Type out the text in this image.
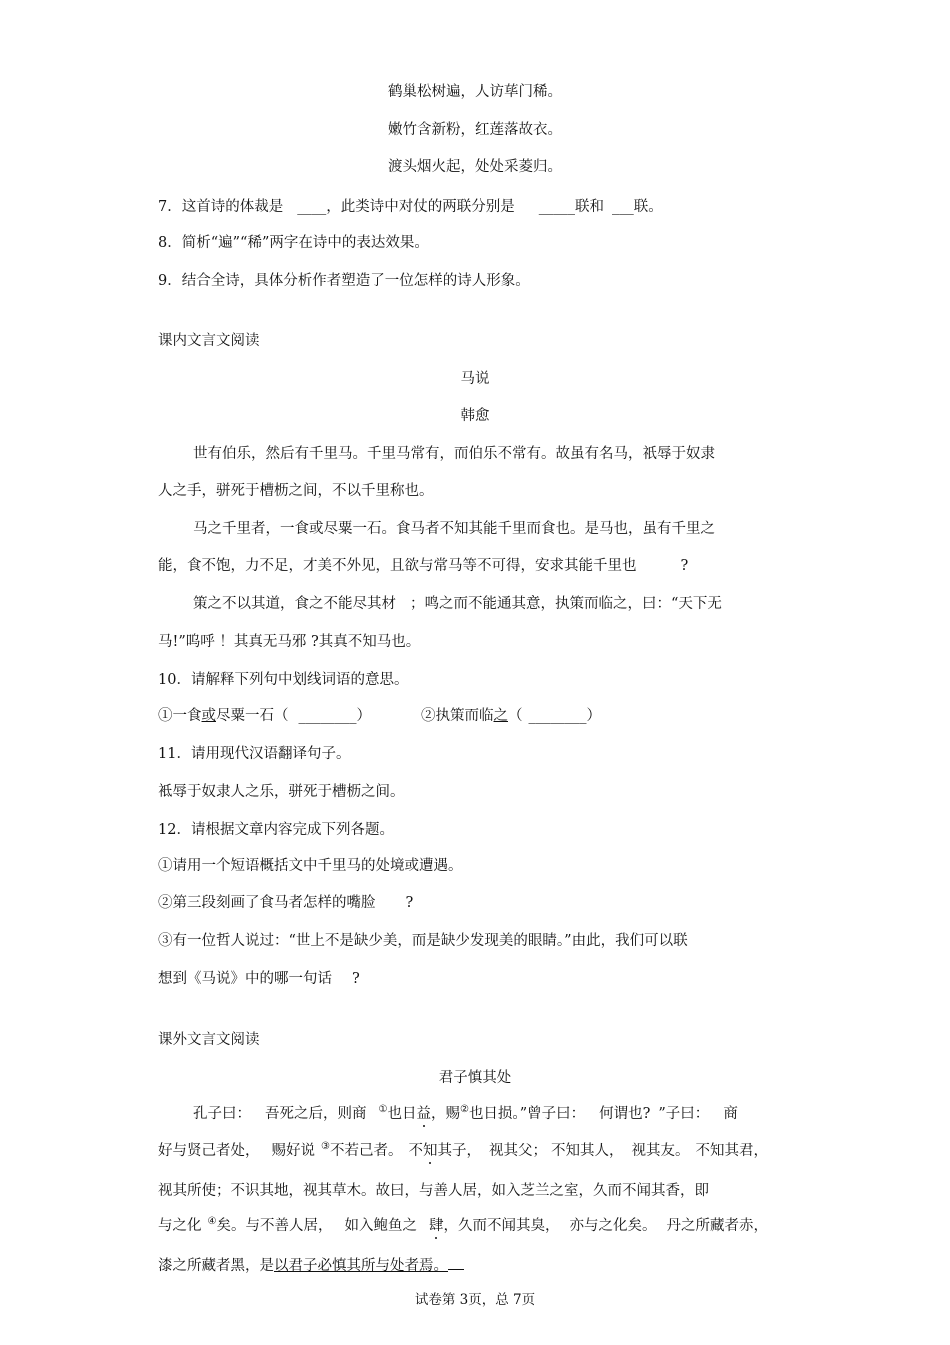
鹤巢松树遍，人访荜门稀。
嫩竹含新粉，红莲落故衣。
渡头烟火起，处处采菱归。
7．这首诗的体裁是 ____，此类诗中对仗的两联分别是 _____联和 ___联。
8．简析“遍”“稀”两字在诗中的表达效果。
9．结合全诗，具体分析作者塑造了一位怎样的诗人形象。
课内文言文阅读
马说
韩愈
世有伯乐，然后有千里马。千里马常有，而伯乐不常有。故虽有名马，祇辱于奴隶
人之手，骈死于槽枥之间，不以千里称也。
马之千里者，一食或尽粟一石。食马者不知其能千里而食也。是马也，虽有千里之
能，食不饱，力不足，才美不外见，且欲与常马等不可得，安求其能千里也	?
策之不以其道，食之不能尽其材 ；鸣之而不能通其意，执策而临之，曰：“天下无
马!”呜呼 ！其真无马邪 ?其真不知马也。
10．请解释下列句中划线词语的意思。
①一食或尽粟一石（ ________）	②执策而临之（ ________）
11．请用现代汉语翻译句子。
袛辱于奴隶人之乐，骈死于槽枥之间。
12．请根据文章内容完成下列各题。
①请用一个短语概括文中千里马的处境或遭遇。
②第三段刻画了食马者怎样的嘴脸 ?
③有一位哲人说过：“世上不是缺少美，而是缺少发现美的眼睛。”由此，我们可以联
想到《马说》中的哪一句话 ?
课外文言文阅读
君子慎其处
孔子曰： 吾死之后，则商 ①也日益，赐②也日损。”曾子曰： 何谓也? ”子曰： 商
好与贤己者处， 赐好说 ③不若己者。 不知其子， 视其父； 不知其人， 视其友。 不知其君，
视其所使；不识其地，视其草木。故曰，与善人居，如入芝兰之室，久而不闻其香，即
与之化 ④矣。与不善人居， 如入鲍鱼之 肆，久而不闻其臭， 亦与之化矣。 丹之所藏者赤，
漆之所藏者黑，是以君子必慎其所与处者焉。
试卷第 3页，总 7页
